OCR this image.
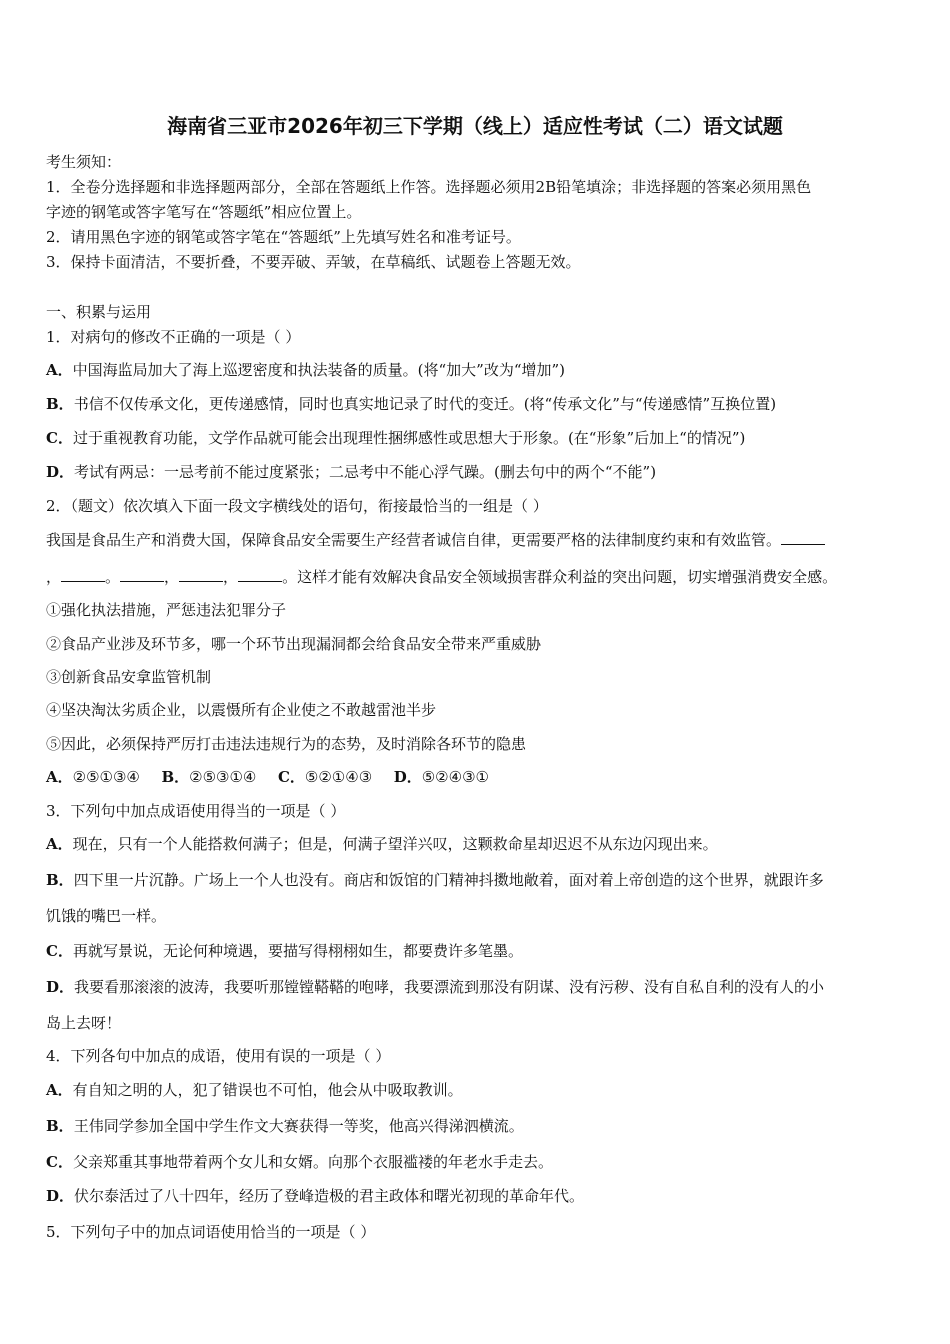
海南省三亚市2026年初三下学期（线上）适应性考试（二）语文试题
考生须知：
1．全卷分选择题和非选择题两部分，全部在答题纸上作答。选择题必须用2B铅笔填涂；非选择题的答案必须用黑色
字迹的钢笔或答字笔写在“答题纸”相应位置上。
2．请用黑色字迹的钢笔或答字笔在“答题纸”上先填写姓名和准考证号。
3．保持卡面清洁，不要折叠，不要弄破、弄皱，在草稿纸、试题卷上答题无效。
一、积累与运用
1．对病句的修改不正确的一项是（ ）
A．中国海监局加大了海上巡逻密度和执法装备的质量。(将“加大”改为“增加”)
B．书信不仅传承文化，更传递感情，同时也真实地记录了时代的变迁。(将“传承文化”与“传递感情”互换位置)
C．过于重视教育功能，文学作品就可能会出现理性捆绑感性或思想大于形象。(在“形象”后加上“的情况”)
D．考试有两忌：一忌考前不能过度紧张；二忌考中不能心浮气躁。(删去句中的两个“不能”)
2．（题文）依次填入下面一段文字横线处的语句，衔接最恰当的一组是（ ）
我国是食品生产和消费大国，保障食品安全需要生产经营者诚信自律，更需要严格的法律制度约束和有效监管。
，	。	，	，	。这样才能有效解决食品安全领域损害群众利益的突出问题，切实增强消费安全感。
①强化执法措施，严惩违法犯罪分子
②食品产业涉及环节多，哪一个环节出现漏洞都会给食品安全带来严重威胁
③创新食品安拿监管机制
④坚决淘汰劣质企业，以震慑所有企业使之不敢越雷池半步
⑤因此，必须保持严厉打击违法违规行为的态势，及时消除各环节的隐患
A．②⑤①③④ B．②⑤③①④ C．⑤②①④③ D．⑤②④③①
3．下列句中加点成语使用得当的一项是（ ）
A．现在，只有一个人能搭救何满子；但是，何满子望洋兴叹，这颗救命星却迟迟不从东边闪现出来。
B．四下里一片沉静。广场上一个人也没有。商店和饭馆的门精神抖擞地敞着，面对着上帝创造的这个世界，就跟许多
饥饿的嘴巴一样。
C．再就写景说，无论何种境遇，要描写得栩栩如生，都要费许多笔墨。
D．我要看那滚滚的波涛，我要听那镗镗鞳鞳的咆哮，我要漂流到那没有阴谋、没有污秽、没有自私自利的没有人的小
岛上去呀！
4．下列各句中加点的成语，使用有误的一项是（ ）
A．有自知之明的人，犯了错误也不可怕，他会从中吸取教训。
B．王伟同学参加全国中学生作文大赛获得一等奖，他高兴得涕泗横流。
C．父亲郑重其事地带着两个女儿和女婿。向那个衣服褴褛的年老水手走去。
D．伏尔泰活过了八十四年，经历了登峰造极的君主政体和曙光初现的革命年代。
5．下列句子中的加点词语使用恰当的一项是（ ）
